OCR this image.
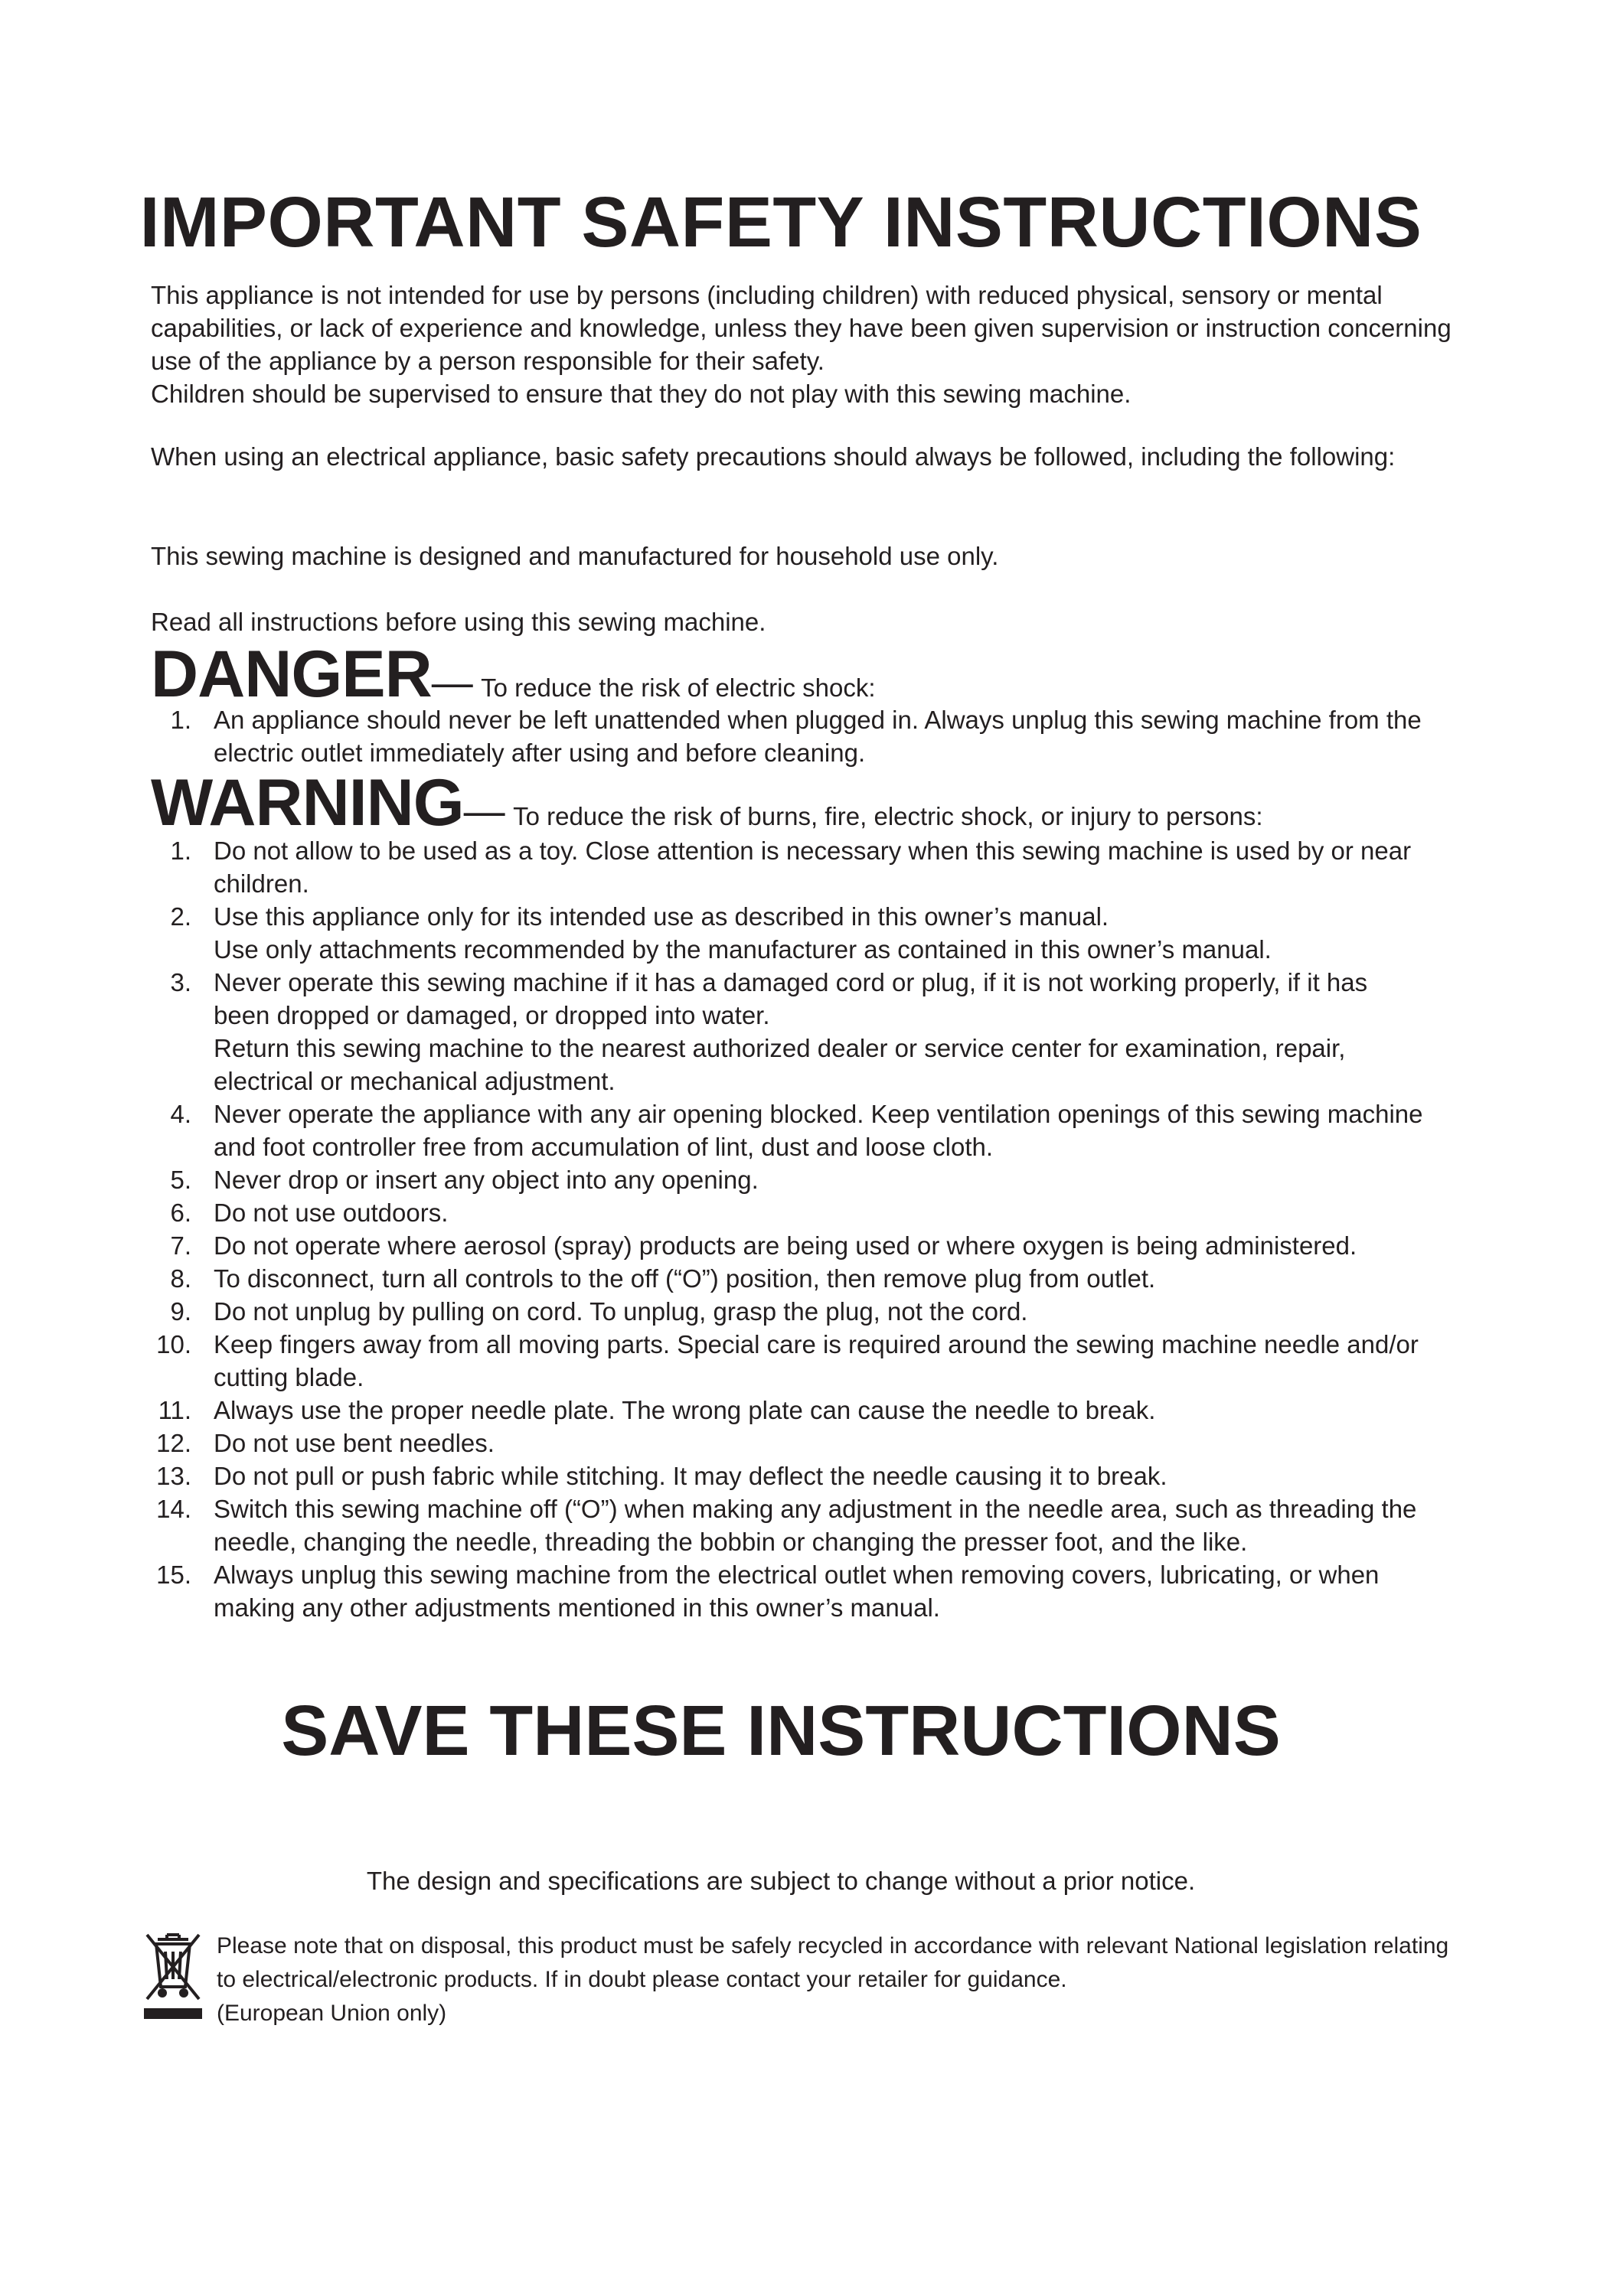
IMPORTANT SAFETY INSTRUCTIONS

This appliance is not intended for use by persons (including children) with reduced physical, sensory or mental capabilities, or lack of experience and knowledge, unless they have been given supervision or instruction concerning use of the appliance by a person responsible for their safety.

Children should be supervised to ensure that they do not play with this sewing machine.

When using an electrical appliance, basic safety precautions should always be followed, including the following:

This sewing machine is designed and manufactured for household use only.

Read all instructions before using this sewing machine.

DANGER— To reduce the risk of electric shock:
1. An appliance should never be left unattended when plugged in. Always unplug this sewing machine from the electric outlet immediately after using and before cleaning.

WARNING— To reduce the risk of burns, fire, electric shock, or injury to persons:
1. Do not allow to be used as a toy. Close attention is necessary when this sewing machine is used by or near children.

2. Use this appliance only for its intended use as described in this owner’s manual.

Use only attachments recommended by the manufacturer as contained in this owner’s manual.

3. Never operate this sewing machine if it has a damaged cord or plug, if it is not working properly, if it has been dropped or damaged, or dropped into water.

Return this sewing machine to the nearest authorized dealer or service center for examination, repair, electrical or mechanical adjustment.

4. Never operate the appliance with any air opening blocked. Keep ventilation openings of this sewing machine and foot controller free from accumulation of lint, dust and loose cloth.

5. Never drop or insert any object into any opening.

6. Do not use outdoors.

7. Do not operate where aerosol (spray) products are being used or where oxygen is being administered.

8. To disconnect, turn all controls to the off (“O”) position, then remove plug from outlet.

9. Do not unplug by pulling on cord. To unplug, grasp the plug, not the cord.

10. Keep fingers away from all moving parts. Special care is required around the sewing machine needle and/or cutting blade.

11. Always use the proper needle plate. The wrong plate can cause the needle to break.

12. Do not use bent needles.

13. Do not pull or push fabric while stitching. It may deflect the needle causing it to break.

14. Switch this sewing machine off (“O”) when making any adjustment in the needle area, such as threading the needle, changing the needle, threading the bobbin or changing the presser foot, and the like.

15. Always unplug this sewing machine from the electrical outlet when removing covers, lubricating, or when making any other adjustments mentioned in this owner’s manual.

SAVE THESE INSTRUCTIONS

The design and specifications are subject to change without a prior notice.

Please note that on disposal, this product must be safely recycled in accordance with relevant National legislation relating to electrical/electronic products. If in doubt please contact your retailer for guidance.

(European Union only)
